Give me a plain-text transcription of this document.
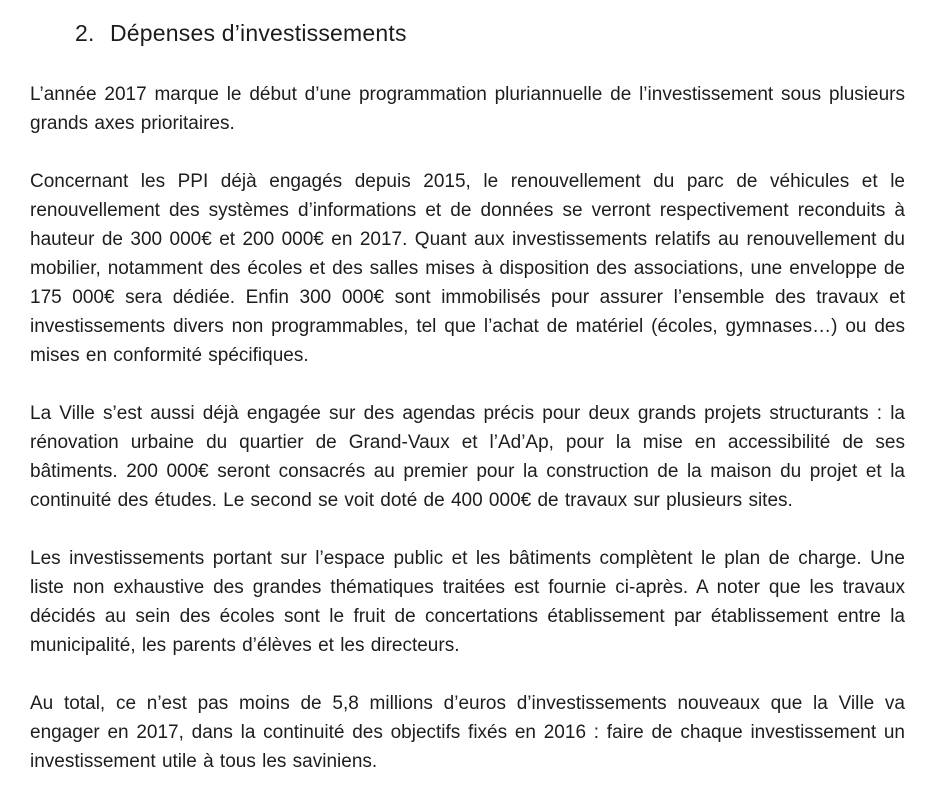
2. Dépenses d’investissements

L’année 2017 marque le début d’une programmation pluriannuelle de l’investissement sous plusieurs grands axes prioritaires.

Concernant les PPI déjà engagés depuis 2015, le renouvellement du parc de véhicules et le renouvellement des systèmes d’informations et de données se verront respectivement reconduits à hauteur de 300 000€ et 200 000€ en 2017. Quant aux investissements relatifs au renouvellement du mobilier, notamment des écoles et des salles mises à disposition des associations, une enveloppe de 175 000€ sera dédiée. Enfin 300 000€ sont immobilisés pour assurer l’ensemble des travaux et investissements divers non programmables, tel que l’achat de matériel (écoles, gymnases…) ou des mises en conformité spécifiques.

La Ville s’est aussi déjà engagée sur des agendas précis pour deux grands projets structurants : la rénovation urbaine du quartier de Grand-Vaux et l’Ad’Ap, pour la mise en accessibilité de ses bâtiments. 200 000€ seront consacrés au premier pour la construction de la maison du projet et la continuité des études. Le second se voit doté de 400 000€ de travaux sur plusieurs sites.

Les investissements portant sur l’espace public et les bâtiments complètent le plan de charge. Une liste non exhaustive des grandes thématiques traitées est fournie ci-après. A noter que les travaux décidés au sein des écoles sont le fruit de concertations établissement par établissement entre la municipalité, les parents d’élèves et les directeurs.

Au total, ce n’est pas moins de 5,8 millions d’euros d’investissements nouveaux que la Ville va engager en 2017, dans la continuité des objectifs fixés en 2016 : faire de chaque investissement un investissement utile à tous les saviniens.
